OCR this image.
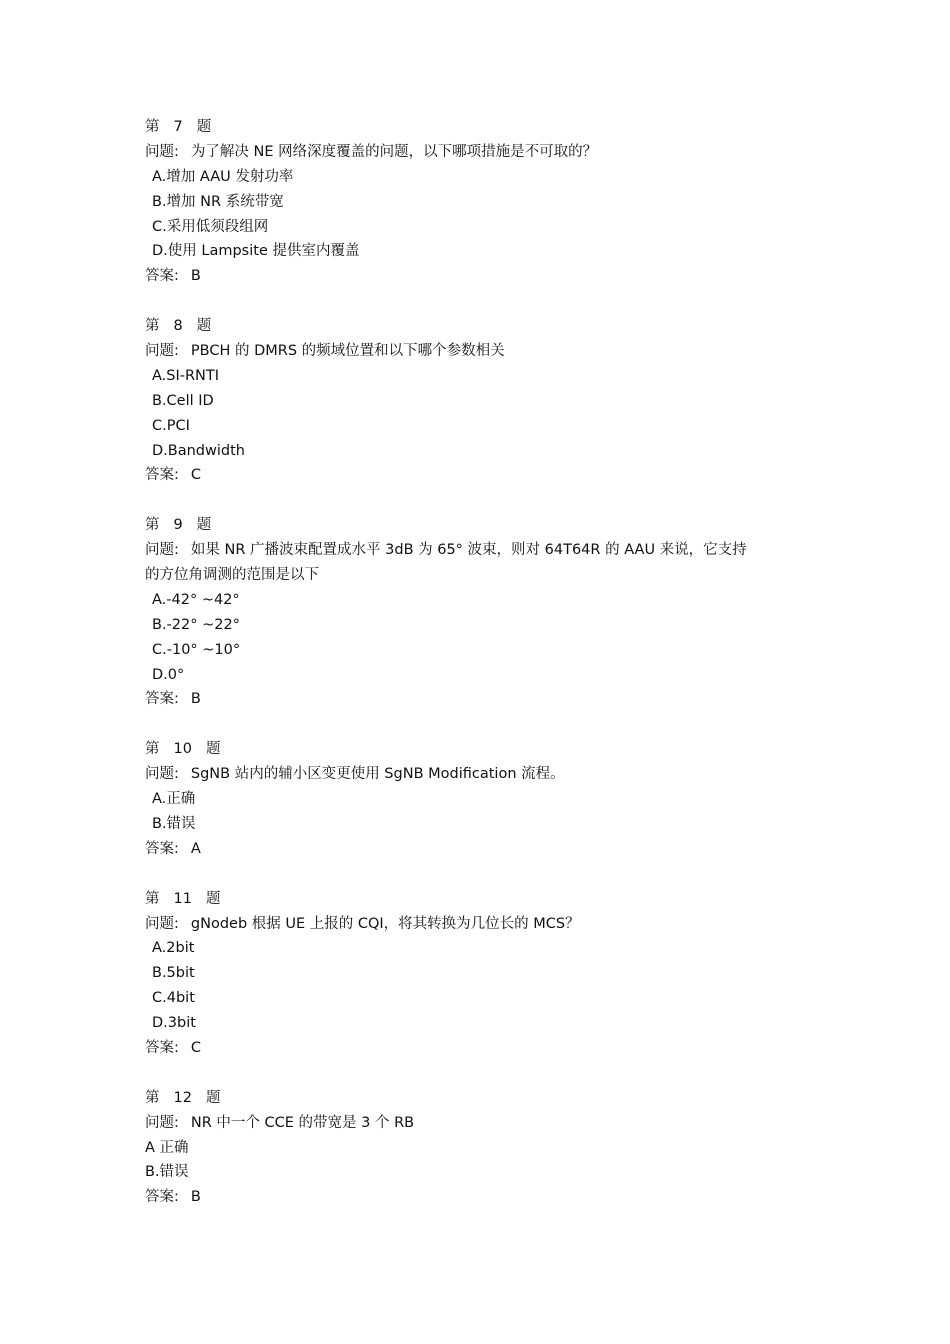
第 7 题
问题: 为了解决 NE 网络深度覆盖的问题，以下哪项措施是不可取的？
A.增加 AAU 发射功率
B.增加 NR 系统带宽
C.采用低须段组网
D.使用 Lampsite 提供室内覆盖
答案: B
第 8 题
问题: PBCH 的 DMRS 的频域位置和以下哪个参数相关
A.SI-RNTI
B.Cell ID
C.PCI
D.Bandwidth
答案: C
第 9 题
问题: 如果 NR 广播波束配置成水平 3dB 为 65° 波束，则对 64T64R 的 AAU 来说，它支持
的方位角调测的范围是以下
A.-42° ~42°
B.-22° ~22°
C.-10° ~10°
D.0°
答案: B
第 10 题
问题: SgNB 站内的辅小区变更使用 SgNB Modification 流程。
A.正确
B.错误
答案: A
第 11 题
问题: gNodeb 根据 UE 上报的 CQI，将其转换为几位长的 MCS？
A.2bit
B.5bit
C.4bit
D.3bit
答案: C
第 12 题
问题: NR 中一个 CCE 的带宽是 3 个 RB
A 正确
B.错误
答案: B
